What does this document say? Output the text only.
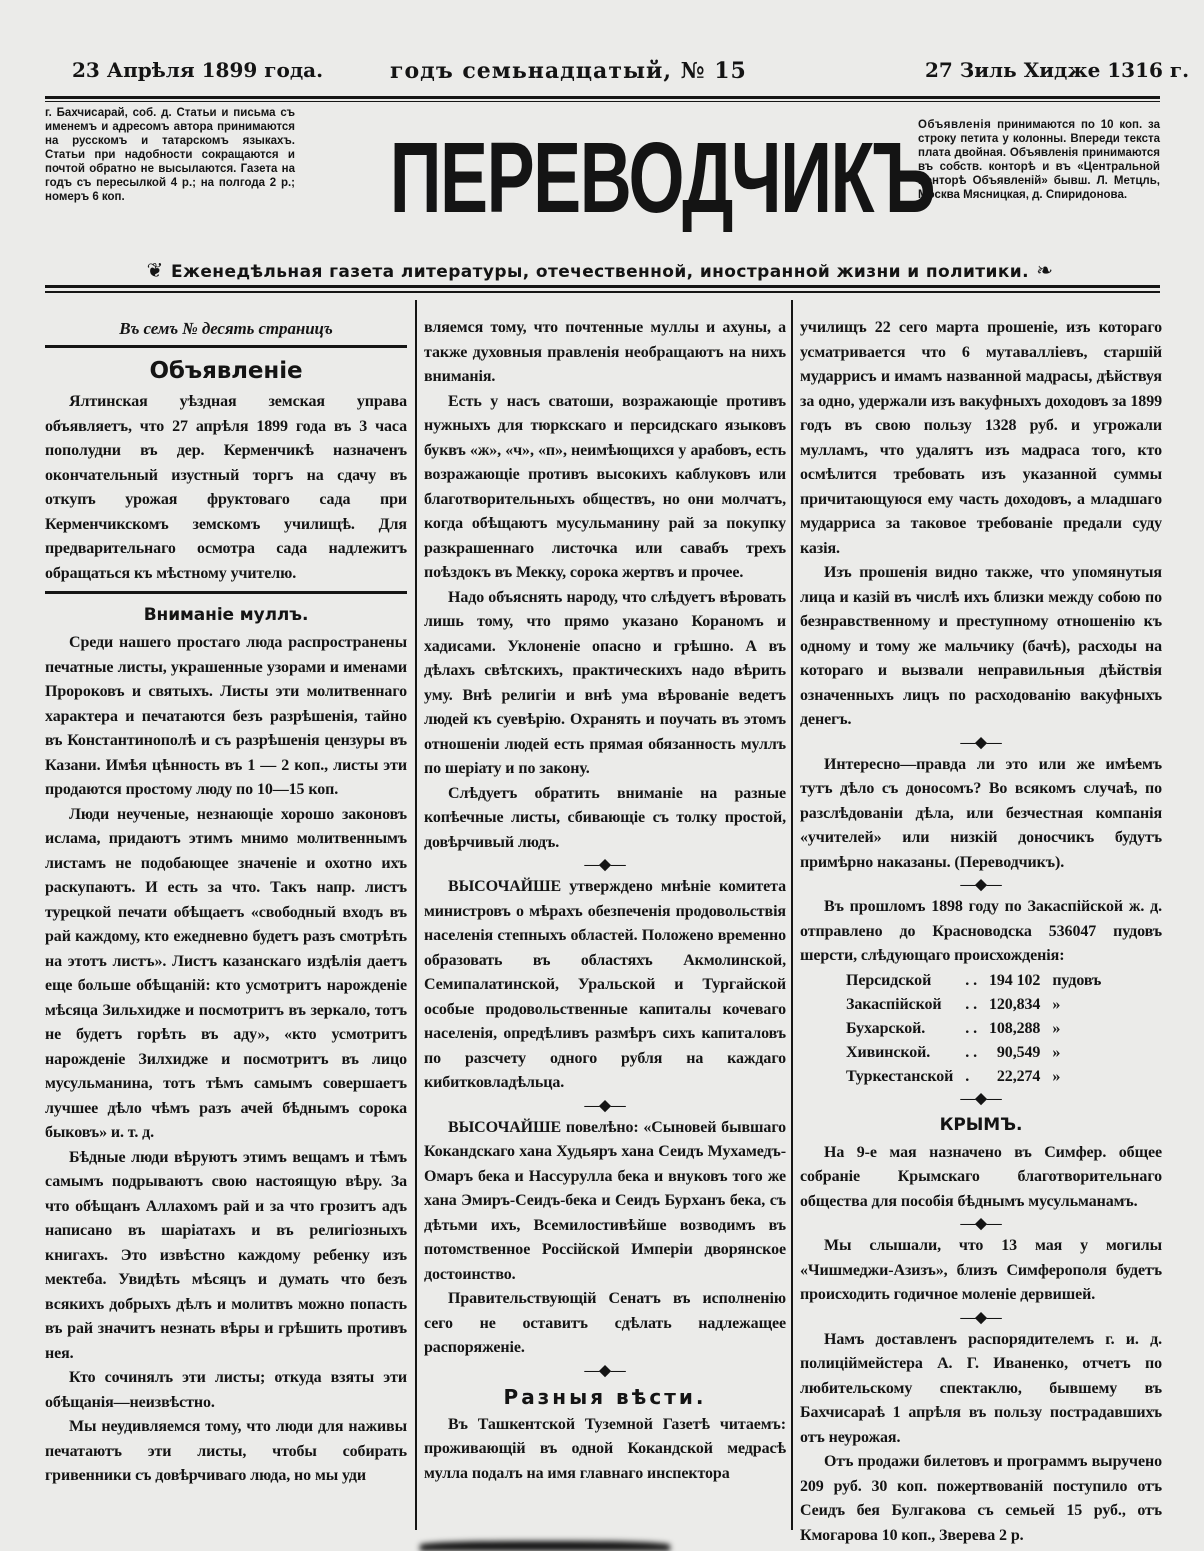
23 Апрѣля 1899 года.	годъ семьнадцатый, № 15	27 Зиль Хидже 1316 г.
г. Бахчисарай, соб. д. Статьи и письма съ именемъ и адресомъ автора принимаются на русскомъ и татарскомъ языкахъ. Статьи при надобности сокращаются и почтой обратно не высылаются. Газета на годъ съ пересылкой 4 р.; на полгода 2 р.; номеръ 6 коп.
Объявленія принимаются по 10 коп. за строку петита у колонны. Впереди текста плата двойная. Объявленія принимаются въ собств. конторѣ и въ «Центральной Конторѣ Объявленій» бывш. Л. Метцль, Москва Мясницкая, д. Спиридонова.
ПЕРЕВОДЧИКЪ
❦ Еженедѣльная газета литературы, отечественной, иностранной жизни и политики. ❧
Въ семъ № десять страницъ
Объявленіе
Ялтинская уѣздная земская управа объявляетъ, что 27 апрѣля 1899 года въ 3 часа пополудни въ дер. Керменчикѣ назначенъ окончательный изустный торгъ на сдачу въ откупъ урожая фруктоваго сада при Керменчикскомъ земскомъ училищѣ. Для предварительнаго осмотра сада надлежитъ обращаться къ мѣстному учителю.
Вниманіе муллъ.
Среди нашего простаго люда распространены печатные листы, украшенные узорами и именами Пророковъ и святыхъ. Листы эти молитвеннаго характера и печатаются безъ разрѣшенія, тайно въ Константинополѣ и съ разрѣшенія цензуры въ Казани. Имѣя цѣнность въ 1 — 2 коп., листы эти продаются простому люду по 10—15 коп.
Люди неученые, незнающіе хорошо законовъ ислама, придаютъ этимъ мнимо молитвеннымъ листамъ не подобающее значеніе и охотно ихъ раскупаютъ. И есть за что. Такъ напр. листъ турецкой печати обѣщаетъ «свободный входъ въ рай каждому, кто ежедневно будетъ разъ смотрѣть на этотъ листъ». Листъ казанскаго издѣлія даетъ еще больше обѣщаній: кто усмотритъ нарожденіе мѣсяца Зильхидже и посмотритъ въ зеркало, тотъ не будетъ горѣть въ аду», «кто усмотритъ нарожденіе Зилхидже и посмотритъ въ лицо мусульманина, тотъ тѣмъ самымъ совершаетъ лучшее дѣло чѣмъ разъ ачей бѣднымъ сорока быковъ» и. т. д.
Бѣдные люди вѣруютъ этимъ вещамъ и тѣмъ самымъ подрываютъ свою настоящую вѣру. За что обѣщанъ Аллахомъ рай и за что грозитъ адъ написано въ шаріатахъ и въ религіозныхъ книгахъ. Это извѣстно каждому ребенку изъ мектеба. Увидѣть мѣсяцъ и думать что безъ всякихъ добрыхъ дѣлъ и молитвъ можно попасть въ рай значитъ незнать вѣры и грѣшить противъ нея.
Кто сочинялъ эти листы; откуда взяты эти обѣщанія—неизвѣстно.
Мы неудивляемся тому, что люди для наживы печатаютъ эти листы, чтобы собирать гривенники съ довѣрчиваго люда, но мы уди
вляемся тому, что почтенные муллы и ахуны, а также духовныя правленія необращаютъ на нихъ вниманія.
Есть у насъ сватоши, возражающіе противъ нужныхъ для тюркскаго и персидскаго языковъ буквъ «ж», «ч», «п», неимѣющихся у арабовъ, есть возражающіе противъ высокихъ каблуковъ или благотворительныхъ обществъ, но они молчатъ, когда обѣщаютъ мусульманину рай за покупку разкрашеннаго листочка или савабъ трехъ поѣздокъ въ Мекку, сорока жертвъ и прочее.
Надо объяснять народу, что слѣдуетъ вѣровать лишь тому, что прямо указано Кораномъ и хадисами. Уклоненіе опасно и грѣшно. А въ дѣлахъ свѣтскихъ, практическихъ надо вѣрить уму. Внѣ религіи и внѣ ума вѣрованіе ведетъ людей къ суевѣрію. Охранять и поучать въ этомъ отношеніи людей есть прямая обязанность муллъ по шеріату и по закону.
Слѣдуетъ обратить вниманіе на разные копѣечные листы, сбивающіе съ толку простой, довѣрчивый людъ.
—◆—
ВЫСОЧАЙШЕ утверждено мнѣніе комитета министровъ о мѣрахъ обезпеченія продовольствія населенія степныхъ областей. Положено временно образовать въ областяхъ Акмолинской, Семипалатинской, Уральской и Тургайской особые продовольственные капиталы кочеваго населенія, опредѣливъ размѣръ сихъ капиталовъ по разсчету одного рубля на каждаго кибитковладѣльца.
—◆—
ВЫСОЧАЙШЕ повелѣно: «Сыновей бывшаго Кокандскаго хана Худьяръ хана Сеидъ Мухамедъ-Омаръ бека и Нассурулла бека и внуковъ того же хана Эмиръ-Сеидъ-бека и Сеидъ Бурханъ бека, съ дѣтьми ихъ, Всемилостивѣйше возводимъ въ потомственное Россійской Имперіи дворянское достоинство.
Правительствующій Сенатъ въ исполненію сего не оставитъ сдѣлать надлежащее распоряженіе.
—◆—
Разныя вѣсти.
Въ Ташкентской Туземной Газетѣ читаемъ: проживающій въ одной Кокандской медрасѣ мулла подалъ на имя главнаго инспектора
училищъ 22 сего марта прошеніе, изъ котораго усматривается что 6 мутавалліевъ, старшій мударрисъ и имамъ названной мадрасы, дѣйствуя за одно, удержали изъ вакуфныхъ доходовъ за 1899 годъ въ свою пользу 1328 руб. и угрожали мулламъ, что удалятъ изъ мадраса того, кто осмѣлится требовать изъ указанной суммы причитающуюся ему часть доходовъ, а младшаго мударриса за таковое требованіе предали суду казія.
Изъ прошенія видно также, что упомянутыя лица и казій въ числѣ ихъ близки между собою по безнравственному и преступному отношенію къ одному и тому же мальчику (бачѣ), расходы на котораго и вызвали неправильныя дѣйствія означенныхъ лицъ по расходованію вакуфныхъ денегъ.
—◆—
Интересно—правда ли это или же имѣемъ тутъ дѣло съ доносомъ? Во всякомъ случаѣ, по разслѣдованіи дѣла, или безчестная компанія «учителей» или низкій доносчикъ будутъ примѣрно наказаны. (Переводчикъ).
—◆—
Въ прошломъ 1898 году по Закаспійской ж. д. отправлено до Красноводска 536047 пудовъ шерсти, слѣдующаго происхожденія:
Персидской	. .	194 102	пудовъ
Закаспійской	. .	120,834	»
Бухарской.	. .	108,288	»
Хивинской.	. .	90,549	»
Туркестанской	.	22,274	»
—◆—
КРЫМЪ.
На 9-е мая назначено въ Симфер. общее собраніе Крымскаго благотворительнаго общества для пособія бѣднымъ мусульманамъ.
—◆—
Мы слышали, что 13 мая у могилы «Чишмеджи-Азизъ», близъ Симферополя будетъ происходить годичное моленіе дервишей.
—◆—
Намъ доставленъ распорядителемъ г. и. д. полиціймейстера А. Г. Иваненко, отчетъ по любительскому спектаклю, бывшему въ Бахчисараѣ 1 апрѣля въ пользу пострадавшихъ отъ неурожая.
Отъ продажи билетовъ и программъ выручено 209 руб. 30 коп. пожертвованій поступило отъ Сеидъ бея Булгакова съ семьей 15 руб., отъ Кмогарова 10 коп., Зверева 2 р.
